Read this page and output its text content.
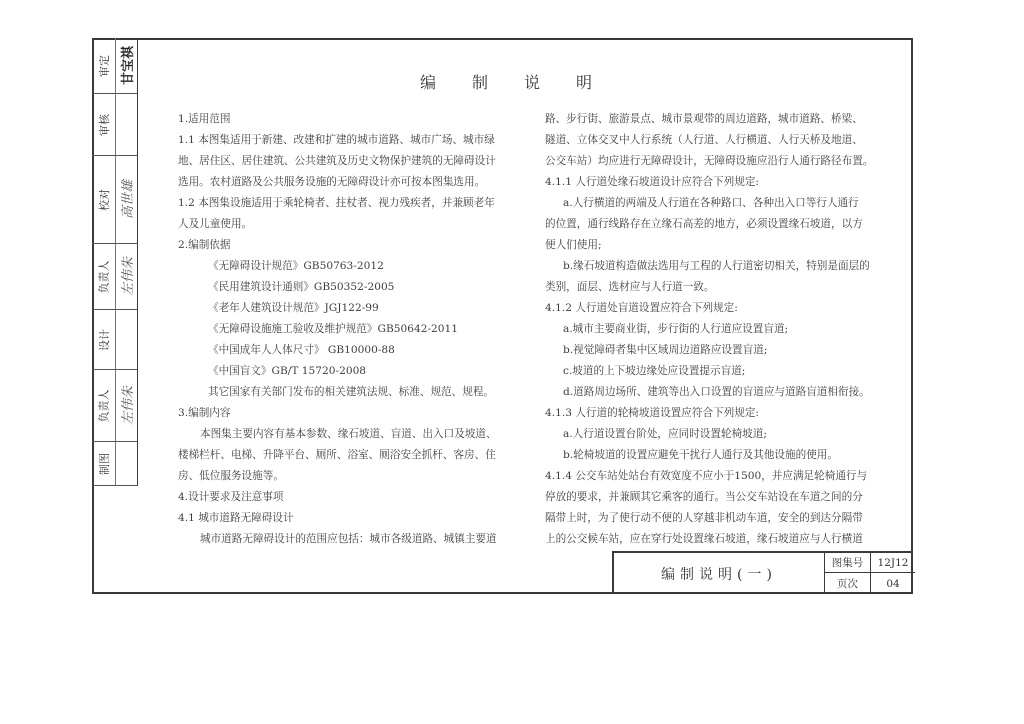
审定 甘宝祺
审核
校对 高世雄
负责人 左伟朱
设计
负责人 左伟朱
制图
编制说明
1.适用范围
1.1 本图集适用于新建、改建和扩建的城市道路、城市广场、城市绿
地、居住区、居住建筑、公共建筑及历史文物保护建筑的无障碍设计
选用。农村道路及公共服务设施的无障碍设计亦可按本图集选用。
1.2 本图集设施适用于乘轮椅者、拄杖者、视力残疾者，并兼顾老年
人及儿童使用。
2.编制依据
《无障碍设计规范》GB50763-2012
《民用建筑设计通则》GB50352-2005
《老年人建筑设计规范》JGJ122-99
《无障碍设施施工验收及维护规范》GB50642-2011
《中国成年人人体尺寸》 GB10000-88
《中国盲文》GB/T 15720-2008
其它国家有关部门发布的相关建筑法规、标准、规范、规程。
3.编制内容
本图集主要内容有基本参数、缘石坡道、盲道、出入口及坡道、
楼梯栏杆、电梯、升降平台、厕所、浴室、厕浴安全抓杆、客房、住
房、低位服务设施等。
4.设计要求及注意事项
4.1 城市道路无障碍设计
城市道路无障碍设计的范围应包括：城市各级道路、城镇主要道
路、步行街、旅游景点、城市景观带的周边道路，城市道路、桥梁、
隧道、立体交叉中人行系统（人行道、人行横道、人行天桥及地道、
公交车站）均应进行无障碍设计，无障碍设施应沿行人通行路径布置。
4.1.1 人行道处缘石坡道设计应符合下列规定:
a.人行横道的两端及人行道在各种路口、各种出入口等行人通行
的位置，通行线路存在立缘石高差的地方，必须设置缘石坡道，以方
便人们使用;
b.缘石坡道构造做法选用与工程的人行道密切相关，特别是面层的
类别，面层、选材应与人行道一致。
4.1.2 人行道处盲道设置应符合下列规定:
a.城市主要商业街，步行街的人行道应设置盲道;
b.视觉障碍者集中区域周边道路应设置盲道;
c.坡道的上下坡边缘处应设置提示盲道;
d.道路周边场所、建筑等出入口设置的盲道应与道路盲道相衔接。
4.1.3 人行道的轮椅坡道设置应符合下列规定:
a.人行道设置台阶处，应同时设置轮椅坡道;
b.轮椅坡道的设置应避免干扰行人通行及其他设施的使用。
4.1.4 公交车站处站台有效宽度不应小于1500，并应满足轮椅通行与
停放的要求，并兼顾其它乘客的通行。当公交车站设在车道之间的分
隔带上时，为了使行动不便的人穿越非机动车道，安全的到达分隔带
上的公交候车站，应在穿行处设置缘石坡道，缘石坡道应与人行横道
编制说明(一)
图集号	12J12
页次	04
